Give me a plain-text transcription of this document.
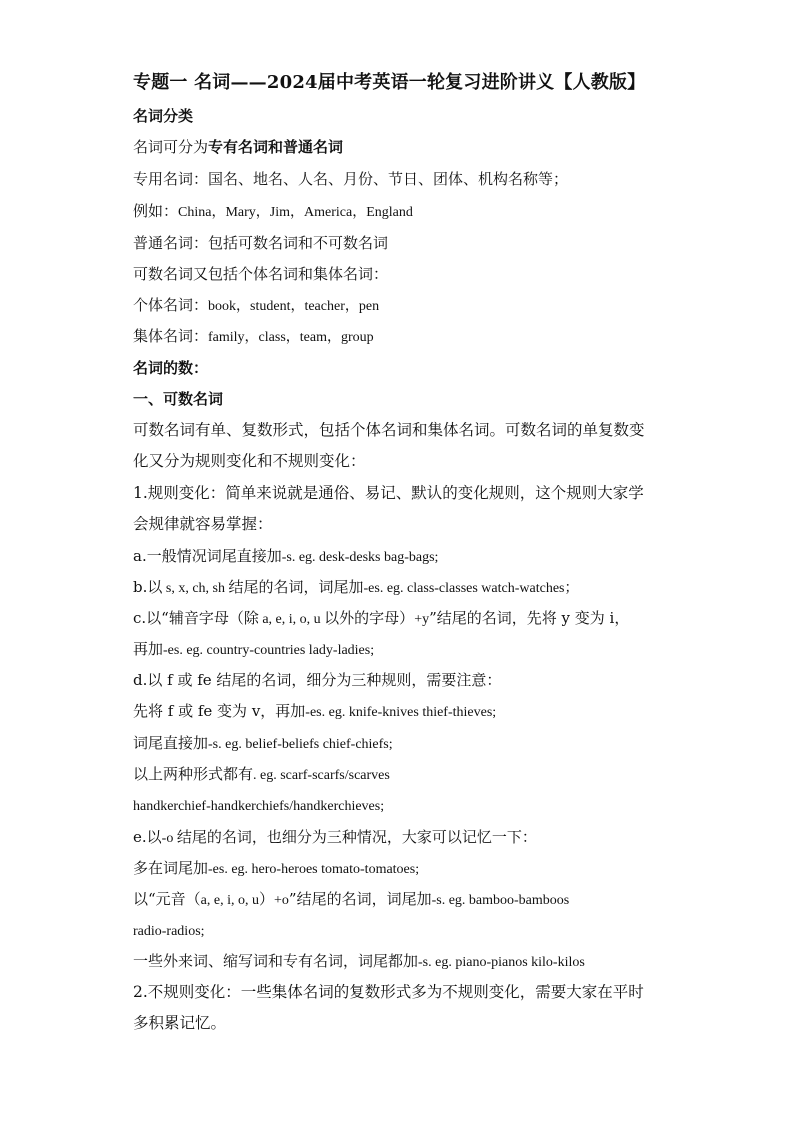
专题一 名词——2024届中考英语一轮复习进阶讲义【人教版】
名词分类
名词可分为专有名词和普通名词
专用名词：国名、地名、人名、月份、节日、团体、机构名称等；
例如：China，Mary，Jim，America，England
普通名词：包括可数名词和不可数名词
可数名词又包括个体名词和集体名词：
个体名词：book，student，teacher，pen
集体名词：family，class，team，group
名词的数：
一、可数名词
可数名词有单、复数形式，包括个体名词和集体名词。可数名词的单复数变
化又分为规则变化和不规则变化：
1.规则变化：简单来说就是通俗、易记、默认的变化规则，这个规则大家学
会规律就容易掌握：
a.一般情况词尾直接加-s. eg. desk-desks bag-bags;
b.以 s, x, ch, sh 结尾的名词，词尾加-es. eg. class-classes watch-watches；
c.以“辅音字母（除 a, e, i, o, u 以外的字母）+y”结尾的名词，先将 y 变为 i，
再加-es. eg. country-countries lady-ladies;
d.以 f 或 fe 结尾的名词，细分为三种规则，需要注意：
先将 f 或 fe 变为 v，再加-es. eg. knife-knives thief-thieves;
词尾直接加-s. eg. belief-beliefs chief-chiefs;
以上两种形式都有. eg. scarf-scarfs/scarves
handkerchief-handkerchiefs/handkerchieves;
e.以-o 结尾的名词，也细分为三种情况，大家可以记忆一下：
多在词尾加-es. eg. hero-heroes tomato-tomatoes;
以“元音（a, e, i, o, u）+o”结尾的名词，词尾加-s. eg. bamboo-bamboos
radio-radios;
一些外来词、缩写词和专有名词，词尾都加-s. eg. piano-pianos kilo-kilos
2.不规则变化：一些集体名词的复数形式多为不规则变化，需要大家在平时
多积累记忆。
